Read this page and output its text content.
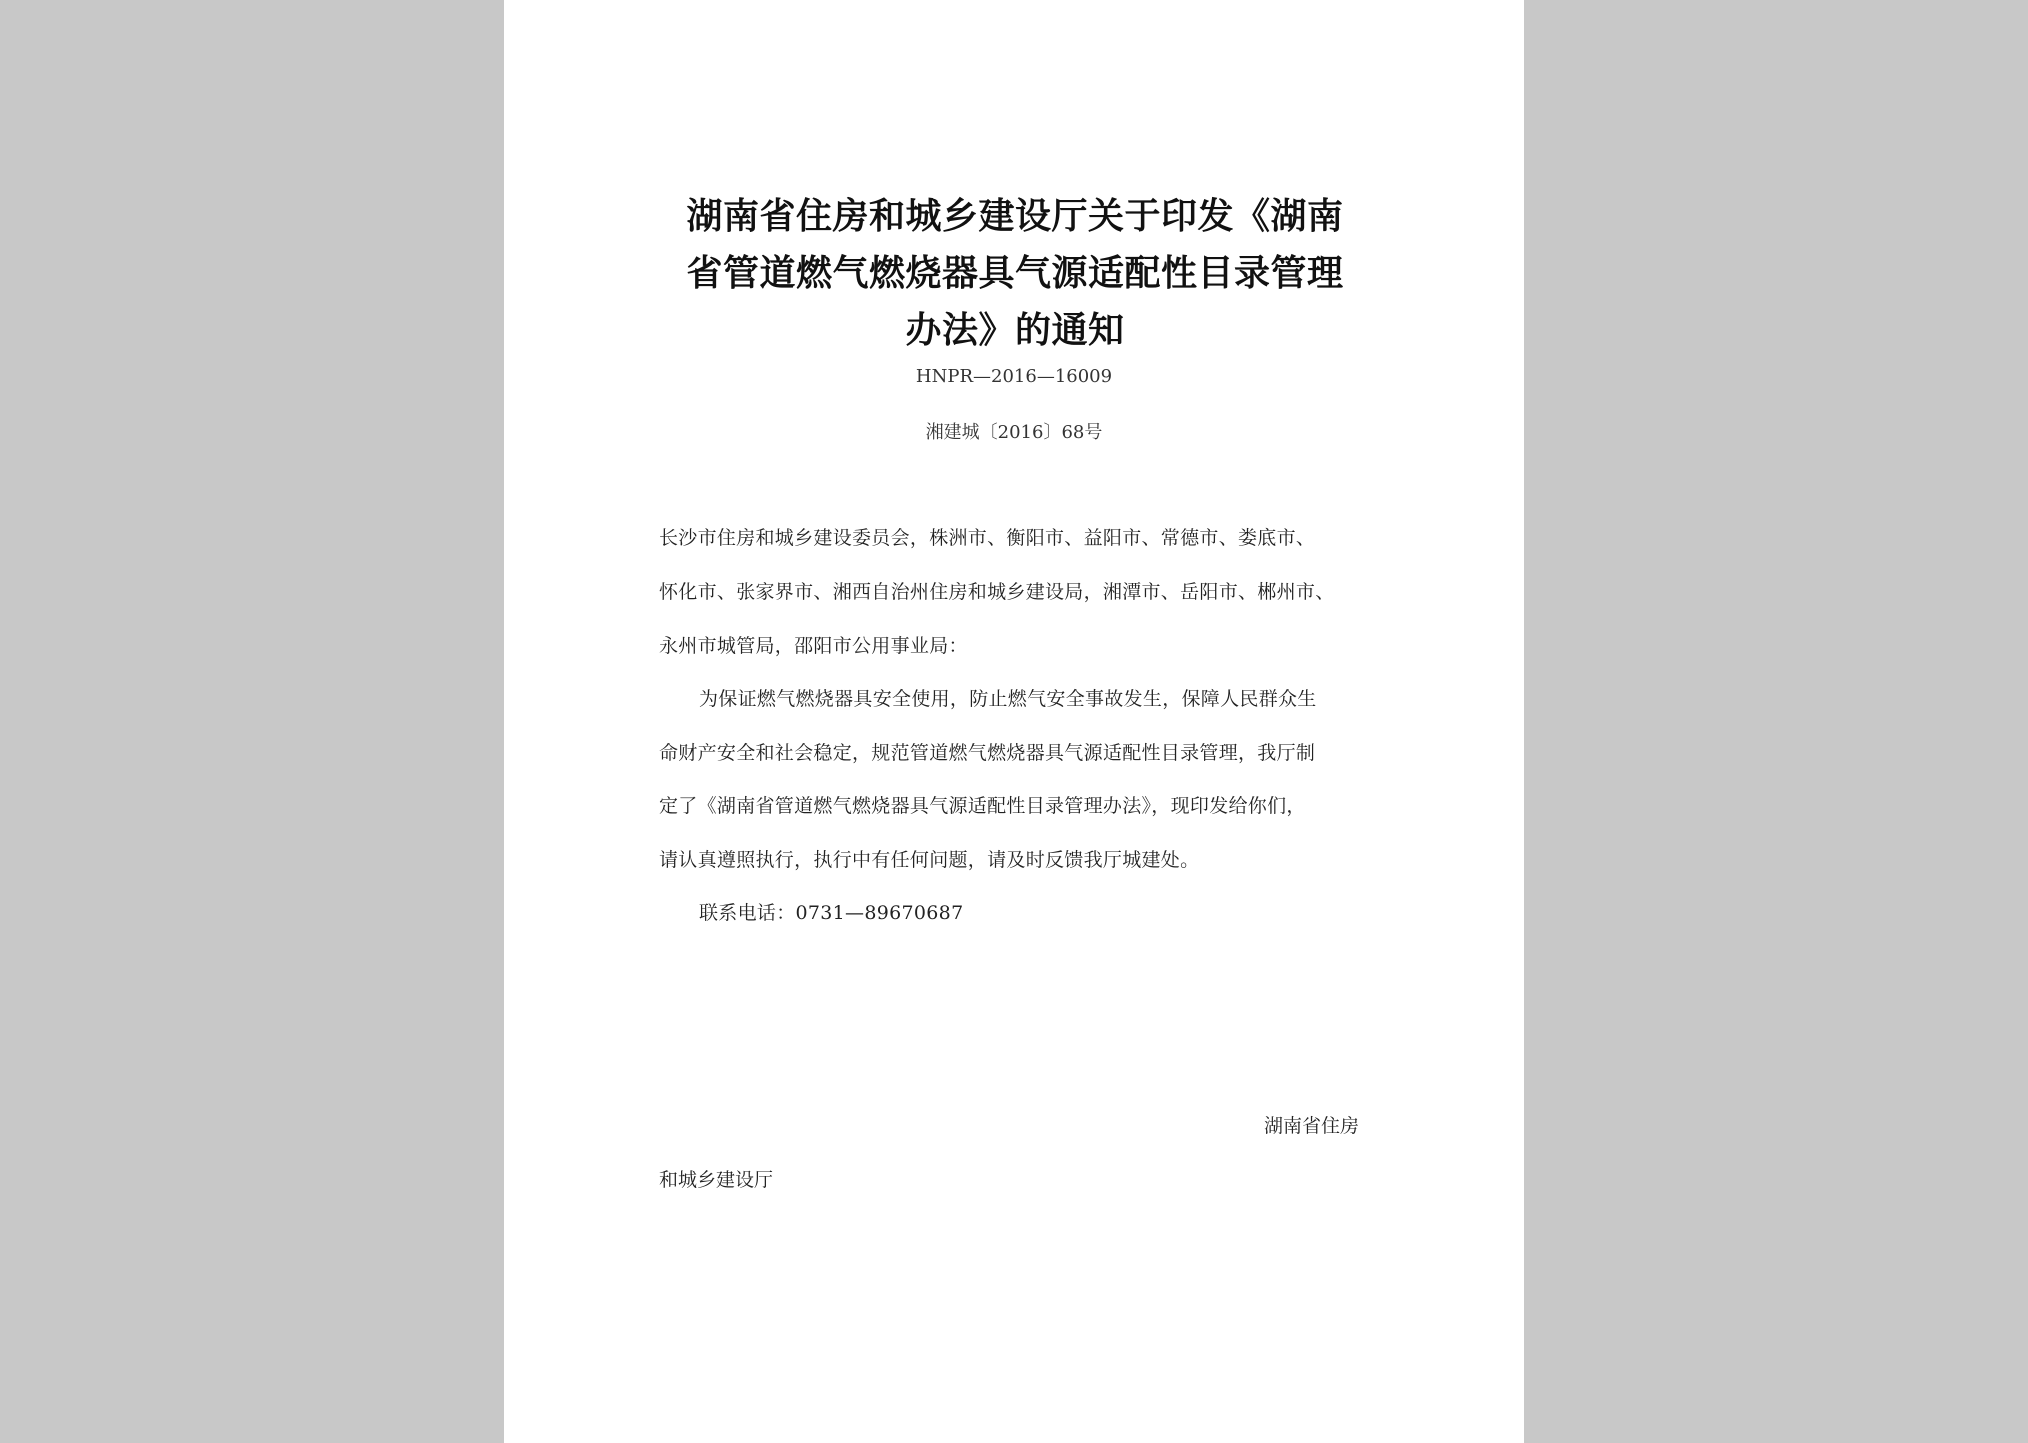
湖南省住房和城乡建设厅关于印发《湖南
省管道燃气燃烧器具气源适配性目录管理
办法》的通知
HNPR—2016—16009
湘建城〔2016〕68号
长沙市住房和城乡建设委员会，株洲市、衡阳市、益阳市、常德市、娄底市、
怀化市、张家界市、湘西自治州住房和城乡建设局，湘潭市、岳阳市、郴州市、
永州市城管局，邵阳市公用事业局：
为保证燃气燃烧器具安全使用，防止燃气安全事故发生，保障人民群众生
命财产安全和社会稳定，规范管道燃气燃烧器具气源适配性目录管理，我厅制
定了《湖南省管道燃气燃烧器具气源适配性目录管理办法》，现印发给你们，
请认真遵照执行，执行中有任何问题，请及时反馈我厅城建处。
联系电话：0731—89670687
湖南省住房
和城乡建设厅
